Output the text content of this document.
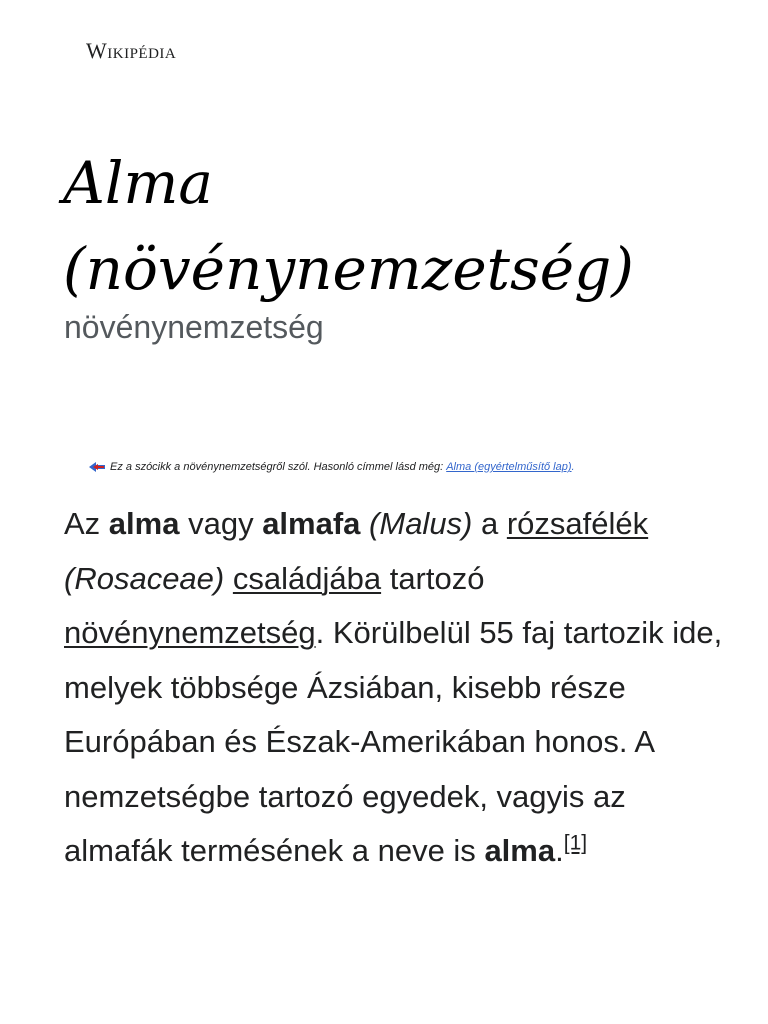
Wikipédia
Alma (növénynemzetség)
növénynemzetség
Ez a szócikk a növénynemzetségről szól. Hasonló címmel lásd még: Alma (egyértelműsítő lap) .

Az alma vagy almafa (Malus) a rózsafélék (Rosaceae) családjába tartozó növénynemzetség. Körülbelül 55 faj tartozik ide, melyek többsége Ázsiában, kisebb része Európában és Észak-Amerikában honos. A nemzetségbe tartozó egyedek, vagyis az almafák termésének a neve is alma.[1]
